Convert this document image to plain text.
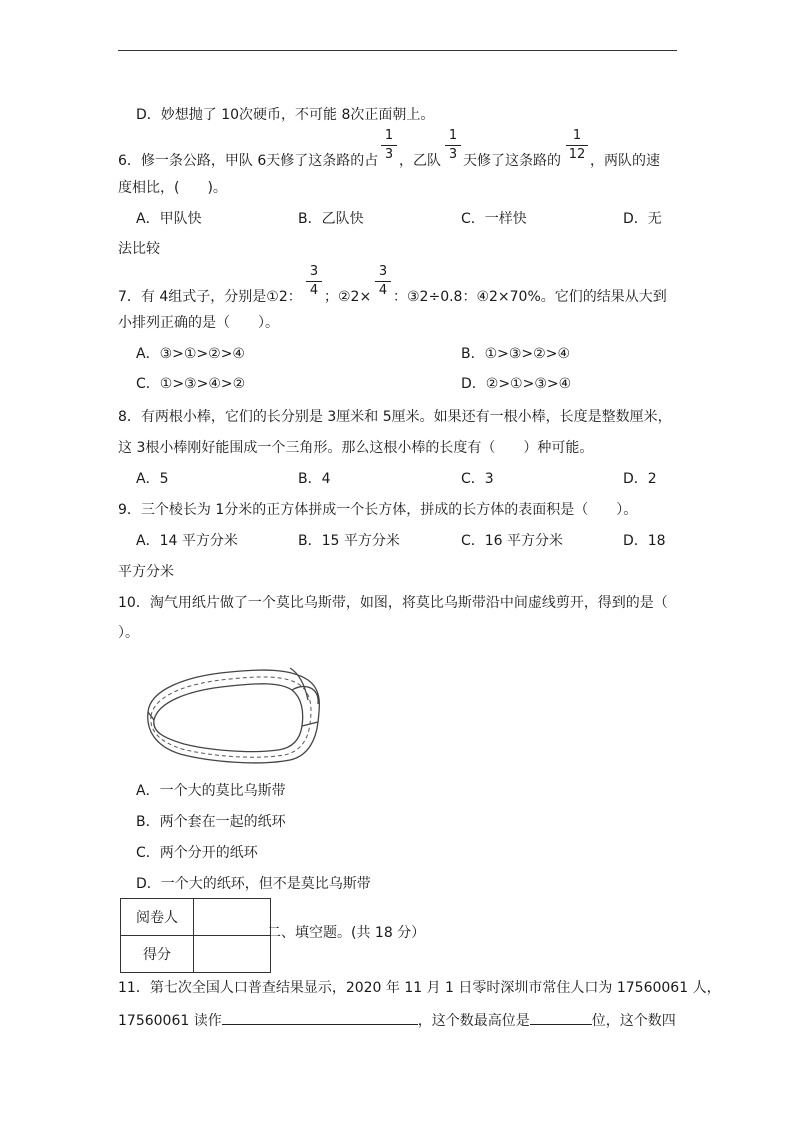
D．妙想抛了 10次硬币，不可能 8次正面朝上。
6．修一条公路，甲队 6天修了这条路的占
1
3 ，乙队
1
3 天修了这条路的
1
12 ，两队的速
度相比，(　　)。
A．甲队快	B．乙队快	C．一样快	D．无
法比较
7．有 4组式子，分别是①2：
3
4 ；②2×
3
4 ：③2÷0.8：④2×70%。它们的结果从大到
小排列正确的是（　　）。
A．③>①>②>④	B．①>③>②>④
C．①>③>④>②	D．②>①>③>④
8．有两根小棒，它们的长分别是 3厘米和 5厘米。如果还有一根小棒，长度是整数厘米，
这 3根小棒刚好能围成一个三角形。那么这根小棒的长度有（　　）种可能。
A．5	B．4	C．3	D．2
9．三个棱长为 1分米的正方体拼成一个长方体，拼成的长方体的表面积是（　　）。
A．14 平方分米	B．15 平方分米	C．16 平方分米	D．18
平方分米
10．淘气用纸片做了一个莫比乌斯带，如图，将莫比乌斯带沿中间虚线剪开，得到的是（
）。
A．一个大的莫比乌斯带
B．两个套在一起的纸环
C．两个分开的纸环
D．一个大的纸环，但不是莫比乌斯带
阅卷人	
得分	
二、填空题。(共 18 分）
11．第七次全国人口普查结果显示，2020 年 11 月 1 日零时深圳市常住人口为 17560061 人，
17560061 读作	，这个数最高位是	位，这个数四
